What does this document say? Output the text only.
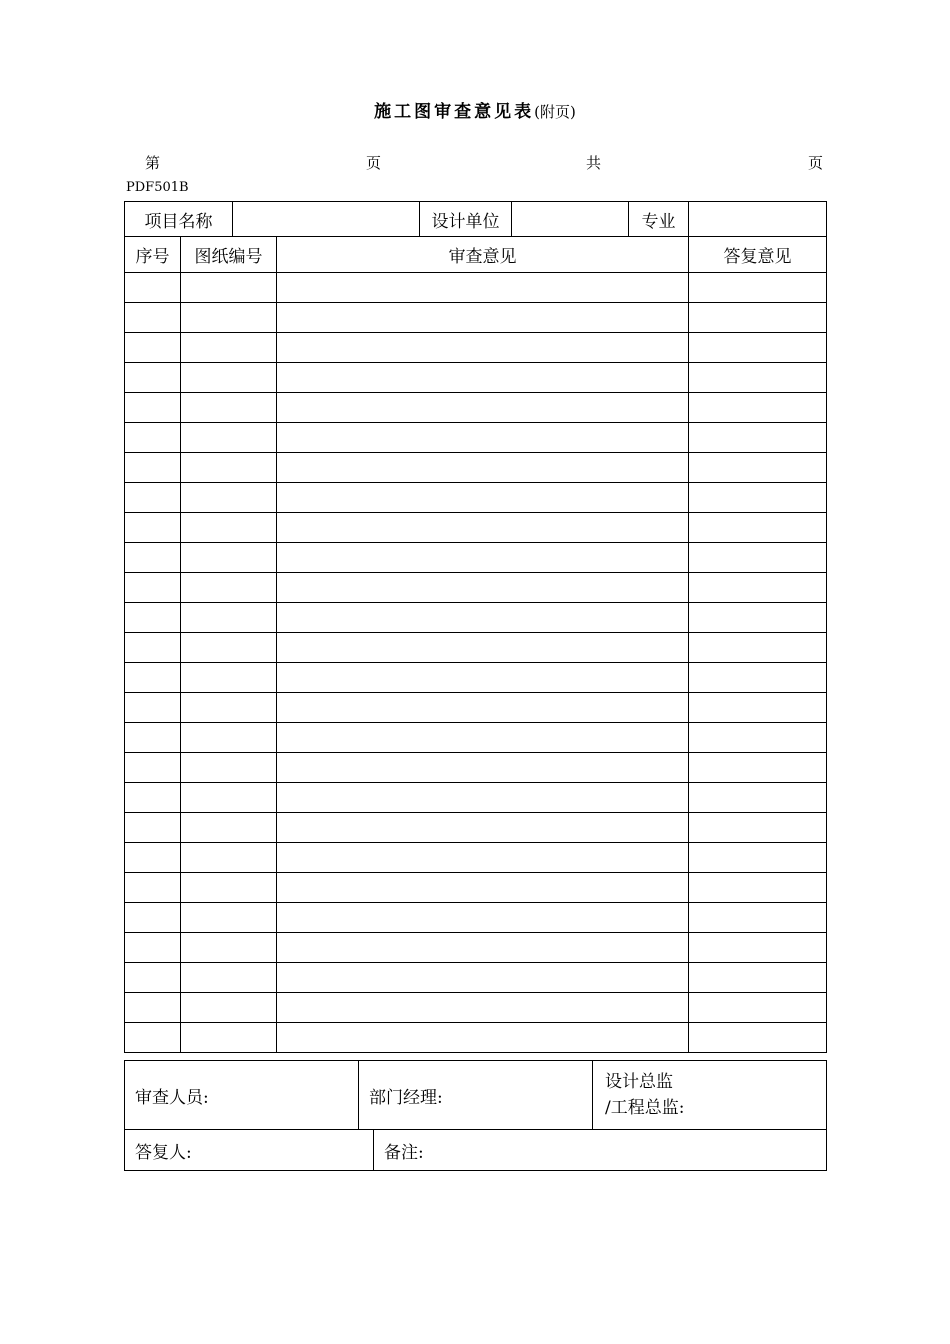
施工图审查意见表(附页)
第	页	共	页
PDF501B
项目名称		设计单位		专业	
序号	图纸编号	审查意见	答复意见

审查人员:	部门经理:	
设计总监
/工程总监:
答复人:	备注:
